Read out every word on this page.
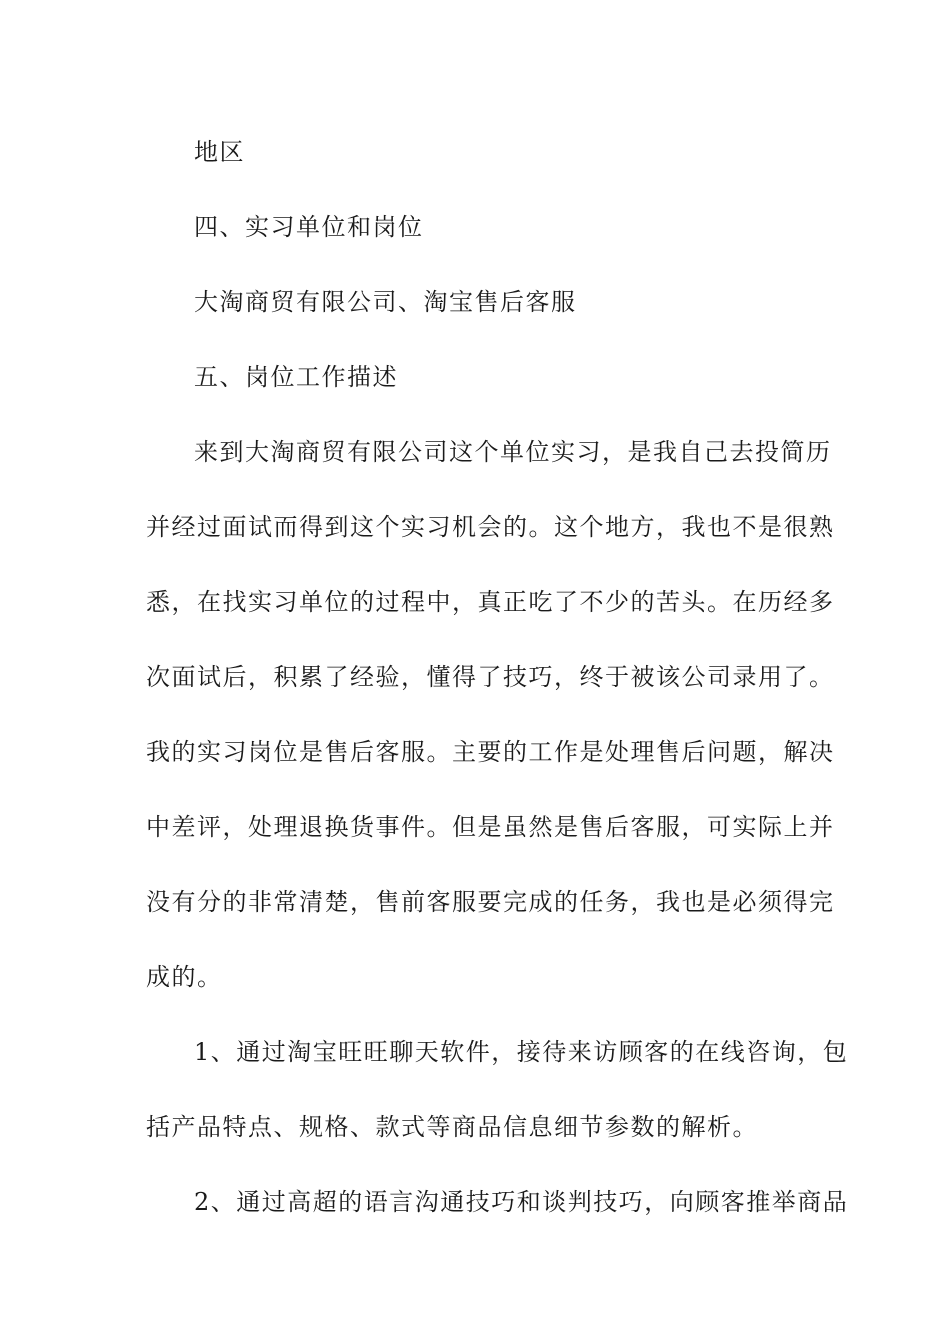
地区
四、实习单位和岗位
大淘商贸有限公司、淘宝售后客服
五、岗位工作描述
来到大淘商贸有限公司这个单位实习，是我自己去投简历
并经过面试而得到这个实习机会的。这个地方，我也不是很熟
悉，在找实习单位的过程中，真正吃了不少的苦头。在历经多
次面试后，积累了经验，懂得了技巧，终于被该公司录用了。
我的实习岗位是售后客服。主要的工作是处理售后问题，解决
中差评，处理退换货事件。但是虽然是售后客服，可实际上并
没有分的非常清楚，售前客服要完成的任务，我也是必须得完
成的。
1、通过淘宝旺旺聊天软件，接待来访顾客的在线咨询，包
括产品特点、规格、款式等商品信息细节参数的解析。
2、通过高超的语言沟通技巧和谈判技巧，向顾客推举商品
